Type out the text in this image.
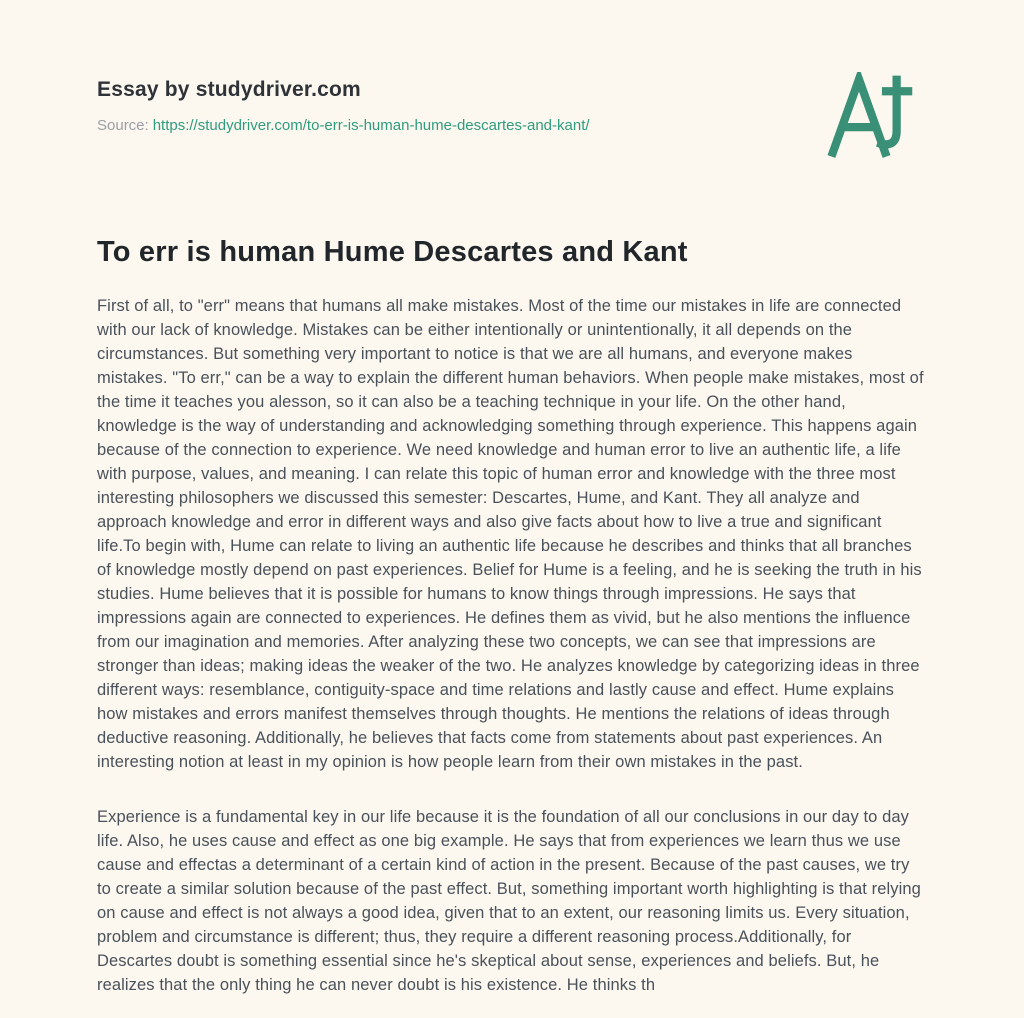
Essay by studydriver.com
Source: https://studydriver.com/to-err-is-human-hume-descartes-and-kant/
To err is human Hume Descartes and Kant

First of all, to "err" means that humans all make mistakes. Most of the time our mistakes in life are connected with our lack of knowledge. Mistakes can be either intentionally or unintentionally, it all depends on the circumstances. But something very important to notice is that we are all humans, and everyone makes mistakes. "To err," can be a way to explain the different human behaviors. When people make mistakes, most of the time it teaches you alesson, so it can also be a teaching technique in your life. On the other hand, knowledge is the way of understanding and acknowledging something through experience. This happens again because of the connection to experience. We need knowledge and human error to live an authentic life, a life with purpose, values, and meaning. I can relate this topic of human error and knowledge with the three most interesting philosophers we discussed this semester: Descartes, Hume, and Kant. They all analyze and approach knowledge and error in different ways and also give facts about how to live a true and significant life.To begin with, Hume can relate to living an authentic life because he describes and thinks that all branches of knowledge mostly depend on past experiences. Belief for Hume is a feeling, and he is seeking the truth in his studies. Hume believes that it is possible for humans to know things through impressions. He says that impressions again are connected to experiences. He defines them as vivid, but he also mentions the influence from our imagination and memories. After analyzing these two concepts, we can see that impressions are stronger than ideas; making ideas the weaker of the two. He analyzes knowledge by categorizing ideas in three different ways: resemblance, contiguity-space and time relations and lastly cause and effect. Hume explains how mistakes and errors manifest themselves through thoughts. He mentions the relations of ideas through deductive reasoning. Additionally, he believes that facts come from statements about past experiences. An interesting notion at least in my opinion is how people learn from their own mistakes in the past.

Experience is a fundamental key in our life because it is the foundation of all our conclusions in our day to day life. Also, he uses cause and effect as one big example. He says that from experiences we learn thus we use cause and effectas a determinant of a certain kind of action in the present. Because of the past causes, we try to create a similar solution because of the past effect. But, something important worth highlighting is that relying on cause and effect is not always a good idea, given that to an extent, our reasoning limits us. Every situation, problem and circumstance is different; thus, they require a different reasoning process.Additionally, for Descartes doubt is something essential since he's skeptical about sense, experiences and beliefs. But, he realizes that the only thing he can never doubt is his existence. He thinks th
